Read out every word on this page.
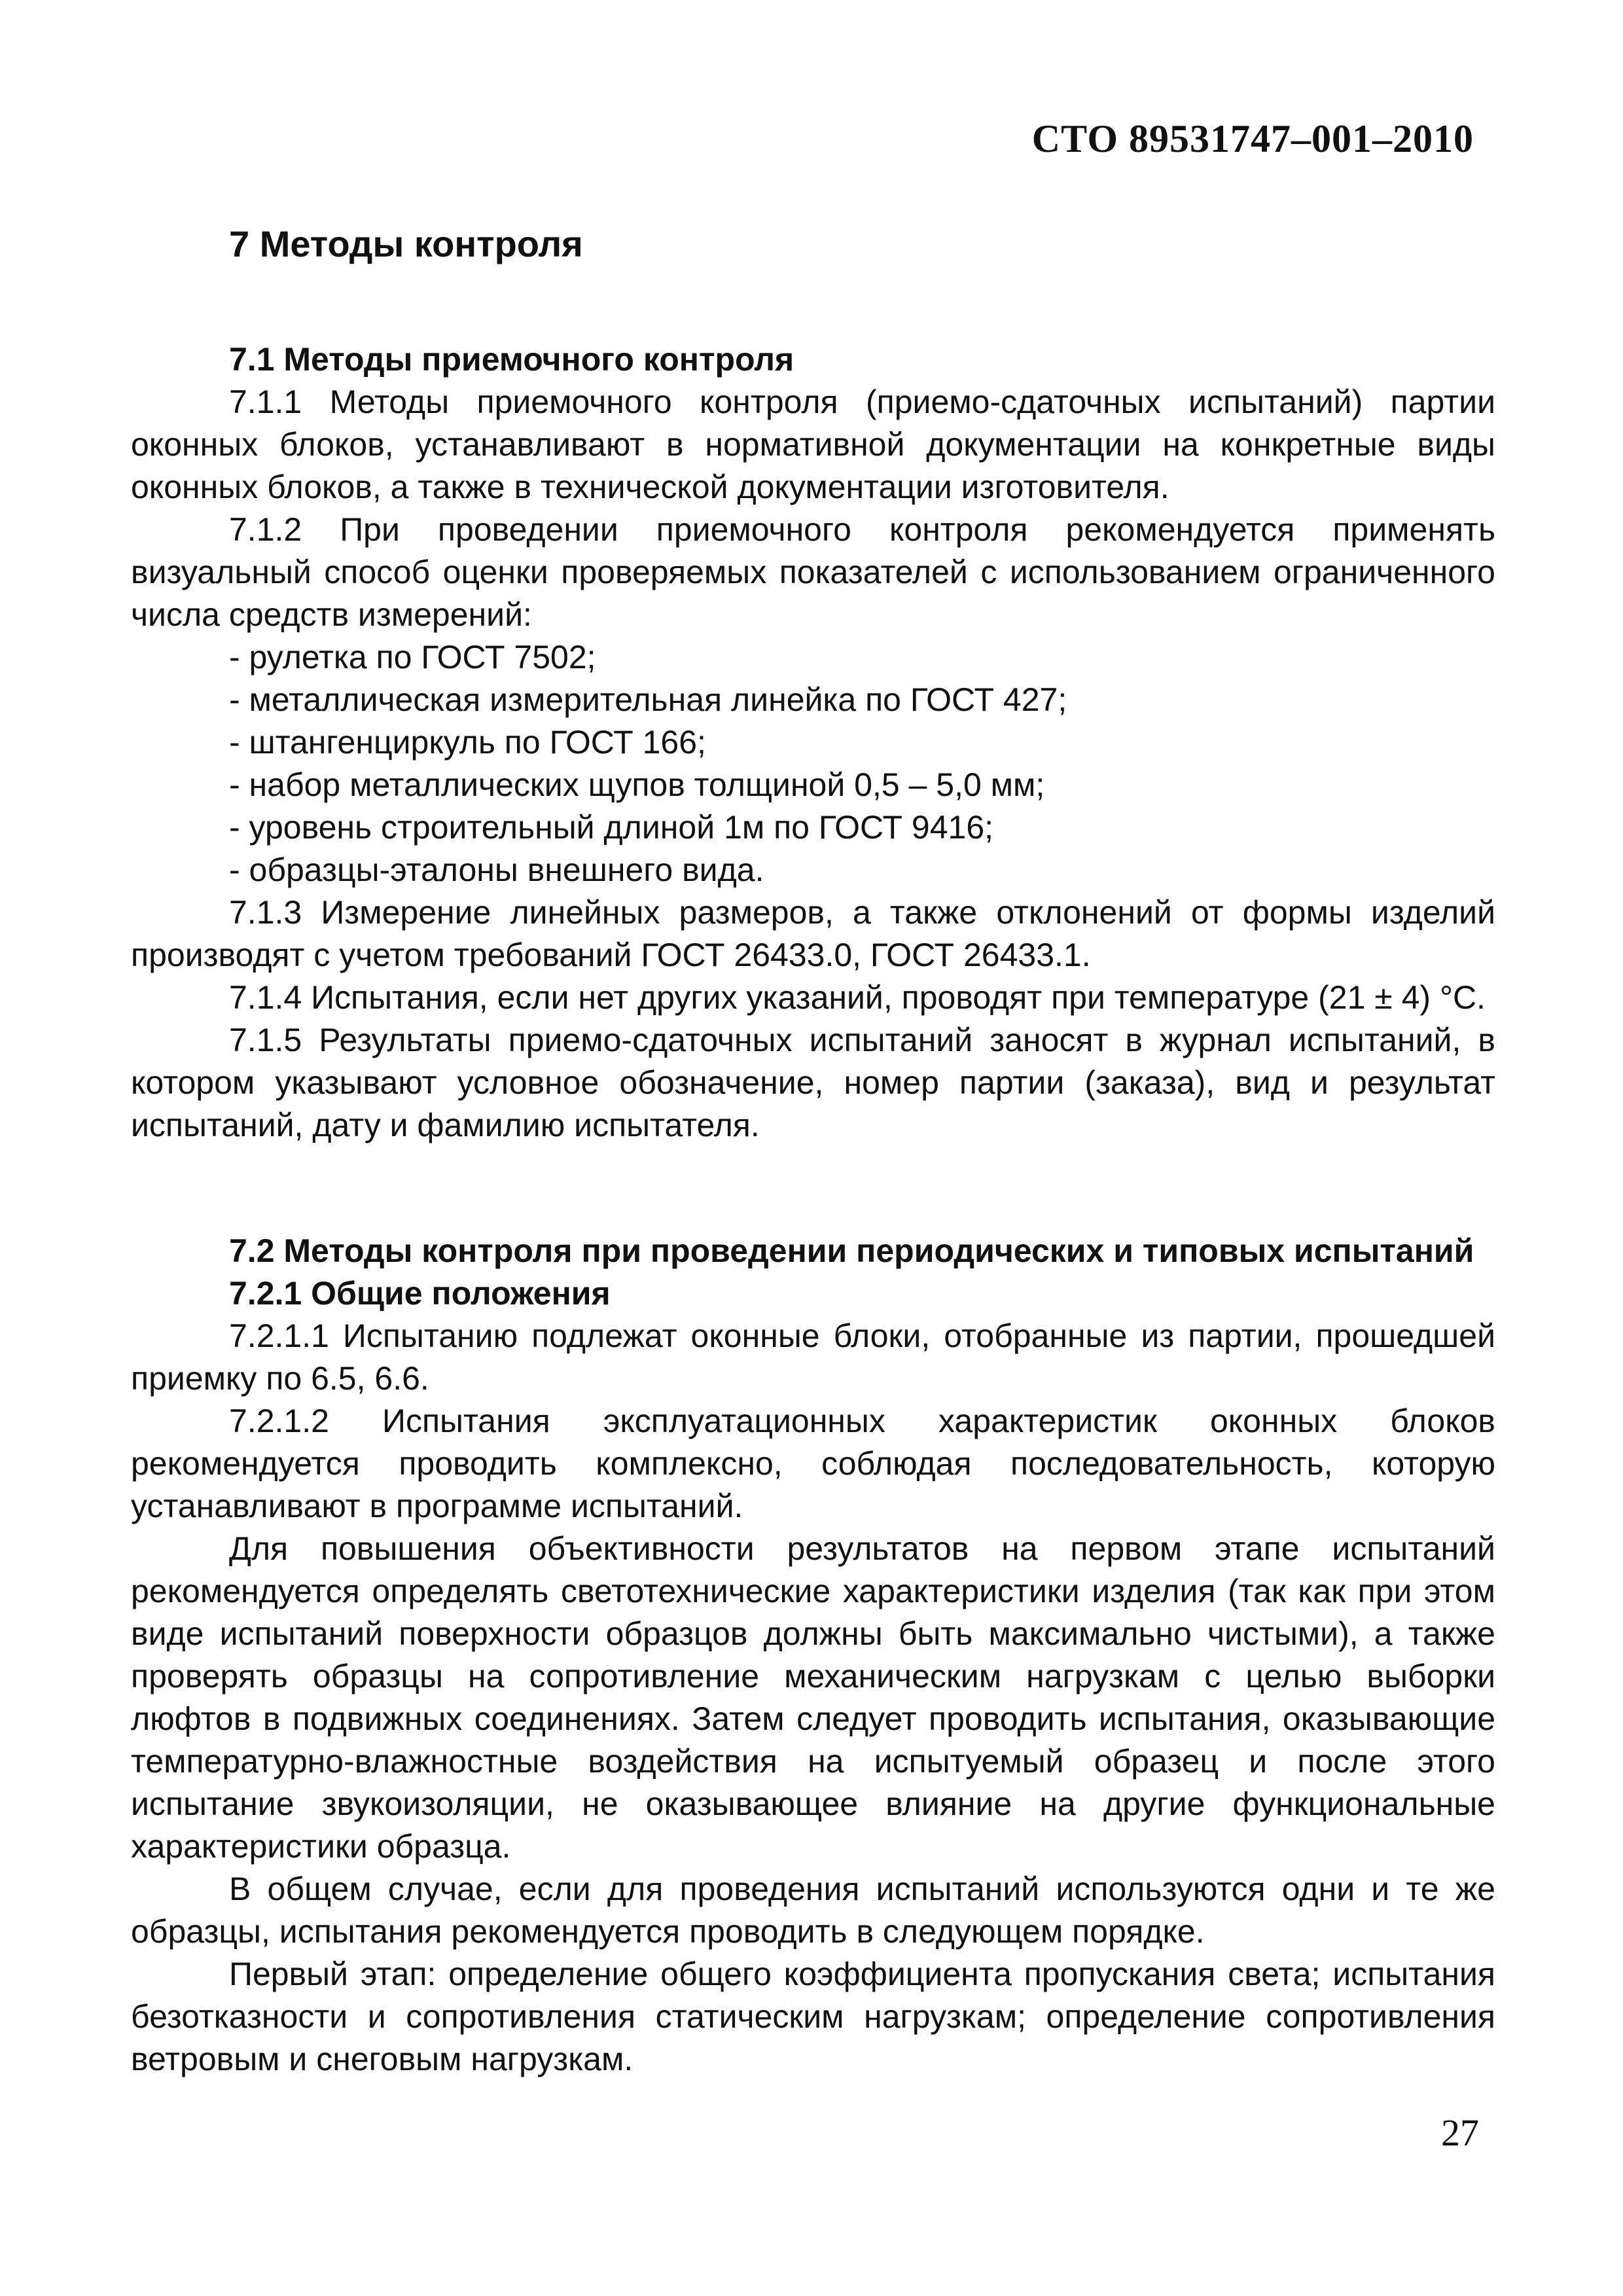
СТО 89531747–001–2010

7 Методы контроля

7.1 Методы приемочного контроля

7.1.1 Методы приемочного контроля (приемо-сдаточных испытаний) партии оконных блоков, устанавливают в нормативной документации на конкретные виды оконных блоков, а также в технической документации изготовителя.

7.1.2 При проведении приемочного контроля рекомендуется применять визуальный способ оценки проверяемых показателей с использованием ограниченного числа средств измерений:

- рулетка по ГОСТ 7502;
- металлическая измерительная линейка по ГОСТ 427;
- штангенциркуль по ГОСТ 166;
- набор металлических щупов толщиной 0,5 – 5,0 мм;
- уровень строительный длиной 1м по ГОСТ 9416;
- образцы-эталоны внешнего вида.

7.1.3 Измерение линейных размеров, а также отклонений от формы изделий производят с учетом требований ГОСТ 26433.0, ГОСТ 26433.1.

7.1.4 Испытания, если нет других указаний, проводят при температуре (21 ± 4) °С.

7.1.5 Результаты приемо-сдаточных испытаний заносят в журнал испытаний, в котором указывают условное обозначение, номер партии (заказа), вид и результат испытаний, дату и фамилию испытателя.

7.2 Методы контроля при проведении периодических и типовых испытаний

7.2.1 Общие положения

7.2.1.1 Испытанию подлежат оконные блоки, отобранные из партии, прошедшей приемку по 6.5, 6.6.

7.2.1.2 Испытания эксплуатационных характеристик оконных блоков рекомендуется проводить комплексно, соблюдая последовательность, которую устанавливают в программе испытаний.

Для повышения объективности результатов на первом этапе испытаний рекомендуется определять светотехнические характеристики изделия (так как при этом виде испытаний поверхности образцов должны быть максимально чистыми), а также проверять образцы на сопротивление механическим нагрузкам с целью выборки люфтов в подвижных соединениях. Затем следует проводить испытания, оказывающие температурно-влажностные воздействия на испытуемый образец и после этого испытание звукоизоляции, не оказывающее влияние на другие функциональные характеристики образца.

В общем случае, если для проведения испытаний используются одни и те же образцы, испытания рекомендуется проводить в следующем порядке.

Первый этап: определение общего коэффициента пропускания света; испытания безотказности и сопротивления статическим нагрузкам; определение сопротивления ветровым и снеговым нагрузкам.

27
